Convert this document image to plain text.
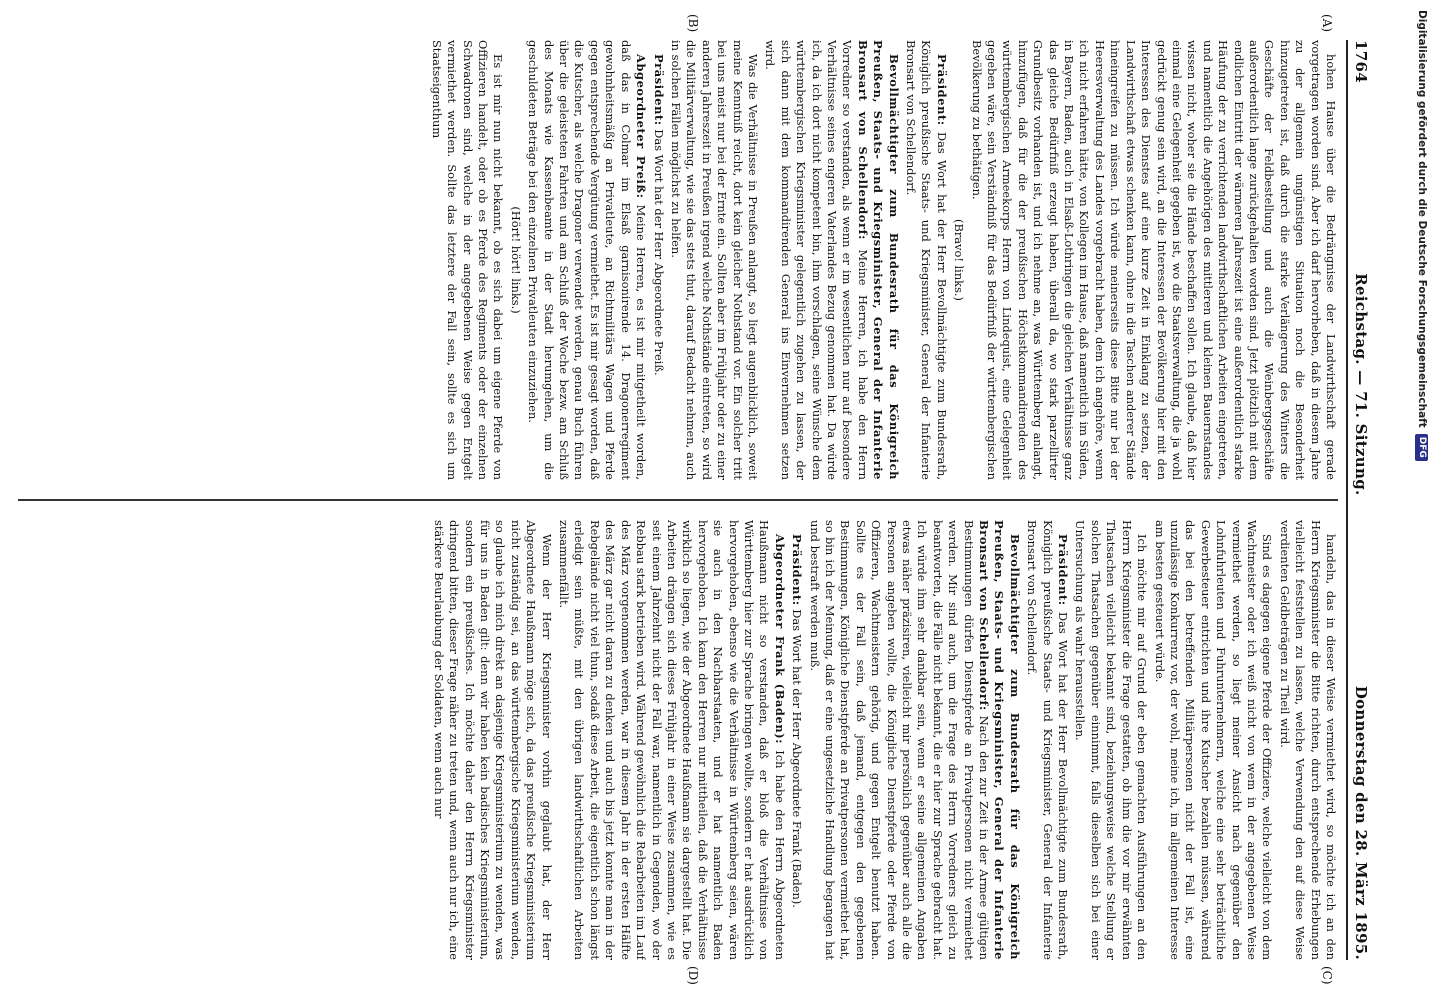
1764
Reichstag. — 71. Sitzung.
Donnerstag den 28. März 1895.
(A)
(B)
(C)
(D)

hohen Hause über die Bedrängnisse der Landwirthschaft gerade vorgetragen worden sind. Aber ich darf hervorheben, daß in diesem Jahre zu der allgemein ungünstigen Situation noch die Besonderheit hinzugetreten ist, daß durch die starke Verlängerung des Winters die Geschäfte der Feldbestellung und auch die Weinbergsgeschäfte außerordentlich lange zurückgehalten worden sind. Jetzt plötzlich mit dem endlichen Eintritt der wärmeren Jahreszeit ist eine außerordentlich starke Häufung der zu verrichtenden landwirthschaftlichen Arbeiten eingetreten, und namentlich die Angehörigen des mittleren und kleinen Bauernstandes wissen nicht, woher sie die Hände beschaffen sollen. Ich glaube, daß hier einmal eine Gelegenheit gegeben ist, wo die Staatsverwaltung, die ja wohl gedrückt genug sein wird, an die Interessen der Bevölkerung hier mit den Interessen des Dienstes auf eine kurze Zeit in Einklang zu setzen, der Landwirthschaft etwas schenken kann, ohne in die Taschen anderer Stände hineingreifen zu müssen. Ich würde meinerseits diese Bitte nur bei der Heeresverwaltung des Landes vorgebracht haben, dem ich angehöre, wenn ich nicht erfahren hätte, von Kollegen im Hause, daß namentlich im Süden, in Bayern, Baden, auch in Elsaß-Lothringen die gleichen Verhältnisse ganz das gleiche Bedürfniß erzeugt haben, überall da, wo stark parzellirter Grundbesitz vorhanden ist, und ich nehme an, was Württemberg anlangt, hinzufügen, daß für die der preußischen Höchstkommandirenden des württembergischen Armeekorps Herrn von Lindequist, eine Gelegenheit gegeben wäre, sein Verständniß für das Bedürfniß der württembergischen Bevölkerung zu bethätigen.

(Bravo! links.)

Präsident: Das Wort hat der Herr Bevollmächtigte zum Bundesrath, Königlich preußische Staats- und Kriegsminister, General der Infanterie Bronsart von Schellendorf.

Bevollmächtigter zum Bundesrath für das Königreich Preußen, Staats- und Kriegsminister, General der Infanterie Bronsart von Schellendorf: Meine Herren, ich habe den Herrn Vorredner so verstanden, als wenn er im wesentlichen nur auf besondere Verhältnisse seines engeren Vaterlandes Bezug genommen hat. Da würde ich, da ich dort nicht kompetent bin, ihm vorschlagen, seine Wünsche dem württembergischen Kriegsminister gelegentlich zugehen zu lassen, der sich dann mit dem kommandirenden General ins Einvernehmen setzen wird.

Was die Verhältnisse in Preußen anlangt, so liegt augenblicklich, soweit meine Kenntniß reicht, dort kein gleicher Nothstand vor. Ein solcher tritt bei uns meist nur bei der Ernte ein. Sollten aber im Frühjahr oder zu einer anderen Jahreszeit in Preußen irgend welche Nothstände eintreten, so wird die Militärverwaltung, wie sie das stets thut, darauf Bedacht nehmen, auch in solchen Fällen möglichst zu helfen.

Präsident: Das Wort hat der Herr Abgeordnete Preiß.

Abgeordneter Preiß: Meine Herren, es ist mir mitgetheilt worden, daß das in Colmar im Elsaß garnisonirende 14. Dragonerregiment gewohnheitsmäßig an Privatleute, an Richtmilitärs Wagen und Pferde gegen entsprechende Vergütung vermiethet. Es ist mir gesagt worden, daß die Kutscher, als welche Dragoner verwendet werden, genau Buch führen über die geleisteten Fahrten und am Schluß der Woche bezw. am Schluß des Monats wie Kassenbeamte in der Stadt herumgehen, um die geschuldeten Beträge bei den einzelnen Privatleuten einzuziehen.

(Hört! hört! links.)

Es ist mir nun nicht bekannt, ob es sich dabei um eigene Pferde von Offizieren handelt, oder ob es Pferde des Regiments oder der einzelnen Schwadronen sind, welche in der angegebenen Weise gegen Entgelt vermiethet werden. Sollte das letztere der Fall sein, sollte es sich um Staatseigenthum

handeln, das in dieser Weise vermiethet wird, so möchte ich an den Herrn Kriegsminister die Bitte richten, durch entsprechende Erhebungen vielleicht feststellen zu lassen, welche Verwendung den auf diese Weise verdienten Geldbeträgen zu Theil wird.

Sind es dagegen eigene Pferde der Offiziere, welche vielleicht von dem Wachtmeister oder ich weiß nicht von wem in der angegebenen Weise vermiethet werden, so liegt meiner Ansicht nach gegenüber den Lohnfuhrleuten und Fuhrunternehmern, welche eine sehr beträchtliche Gewerbesteuer entrichten und ihre Kutscher bezahlen müssen, während das bei den betreffenden Militärpersonen nicht der Fall ist, eine unzulässige Konkurrenz vor, der wohl, meine ich, im allgemeinen Interesse am besten gesteuert würde.

Ich möchte mir auf Grund der eben gemachten Ausführungen an den Herrn Kriegsminister die Frage gestatten, ob ihm die vor mir erwähnten Thatsachen vielleicht bekannt sind, beziehungsweise welche Stellung er solchen Thatsachen gegenüber einnimmt, falls dieselben sich bei einer Untersuchung als wahr herausstellen.

Präsident: Das Wort hat der Herr Bevollmächtigte zum Bundesrath, Königlich preußische Staats- und Kriegsminister, General der Infanterie Bronsart von Schellendorf.

Bevollmächtigter zum Bundesrath für das Königreich Preußen, Staats- und Kriegsminister, General der Infanterie Bronsart von Schellendorf: Nach den zur Zeit in der Armee gültigen Bestimmungen dürfen Dienstpferde an Privatpersonen nicht vermiethet werden. Mir sind auch, um die Frage des Herrn Vorredners gleich zu beantworten, die Fälle nicht bekannt, die er hier zur Sprache gebracht hat. Ich würde ihm sehr dankbar sein, wenn er seine allgemeinen Angaben etwas näher präzisiren, vielleicht mir persönlich gegenüber auch alle die Personen angeben wollte, die Königliche Dienstpferde oder Pferde von Offizieren, Wachtmeistern gehörig, und gegen Entgelt benutzt haben. Sollte es der Fall sein, daß jemand, entgegen den gegebenen Bestimmungen, Königliche Dienstpferde an Privatpersonen vermiethet hat, so bin ich der Meinung, daß er eine ungesetzliche Handlung begangen hat und bestraft werden muß.

Präsident: Das Wort hat der Herr Abgeordnete Frank (Baden).

Abgeordneter Frank (Baden): Ich habe den Herrn Abgeordneten Haußmann nicht so verstanden, daß er bloß die Verhältnisse von Württemberg hier zur Sprache bringen wollte, sondern er hat ausdrücklich hervorgehoben, ebenso wie die Verhältnisse in Württemberg seien, wären sie auch in den Nachbarstaaten, und er hat namentlich Baden hervorgehoben. Ich kann den Herren nur mittheilen, daß die Verhältnisse wirklich so liegen, wie der Abgeordnete Haußmann sie dargestellt hat. Die Arbeiten drängen sich dieses Frühjahr in einer Weise zusammen, wie es seit einem Jahrzehnt nicht der Fall war, namentlich in Gegenden, wo der Rebbau stark betrieben wird. Während gewöhnlich die Rebarbeiten im Lauf des März vorgenommen werden, war in diesem Jahr in der ersten Hälfte des März gar nicht daran zu denken und auch bis jetzt konnte man in der Rebgelände nicht viel thun, sodaß diese Arbeit, die eigentlich schon längst erledigt sein müßte, mit den übrigen landwirthschaftlichen Arbeiten zusammenfällt.

Wenn der Herr Kriegsminister vorhin geglaubt hat, der Herr Abgeordnete Haußmann möge sich, da das preußische Kriegsministerium nicht zuständig sei, an das württembergische Kriegsministerium wenden, so glaube ich mich direkt an dasjenige Kriegsministerium zu wenden, was für uns in Baden gilt: denn wir haben kein badisches Kriegsministerium, sondern ein preußisches. Ich möchte daher den Herrn Kriegsminister dringend bitten, dieser Frage näher zu treten und, wenn auch nur ich, eine stärkere Beurlaubung der Soldaten, wenn auch nur

Digitalisierung gefördert durch die Deutsche Forschungsgemeinschaft
DFG
